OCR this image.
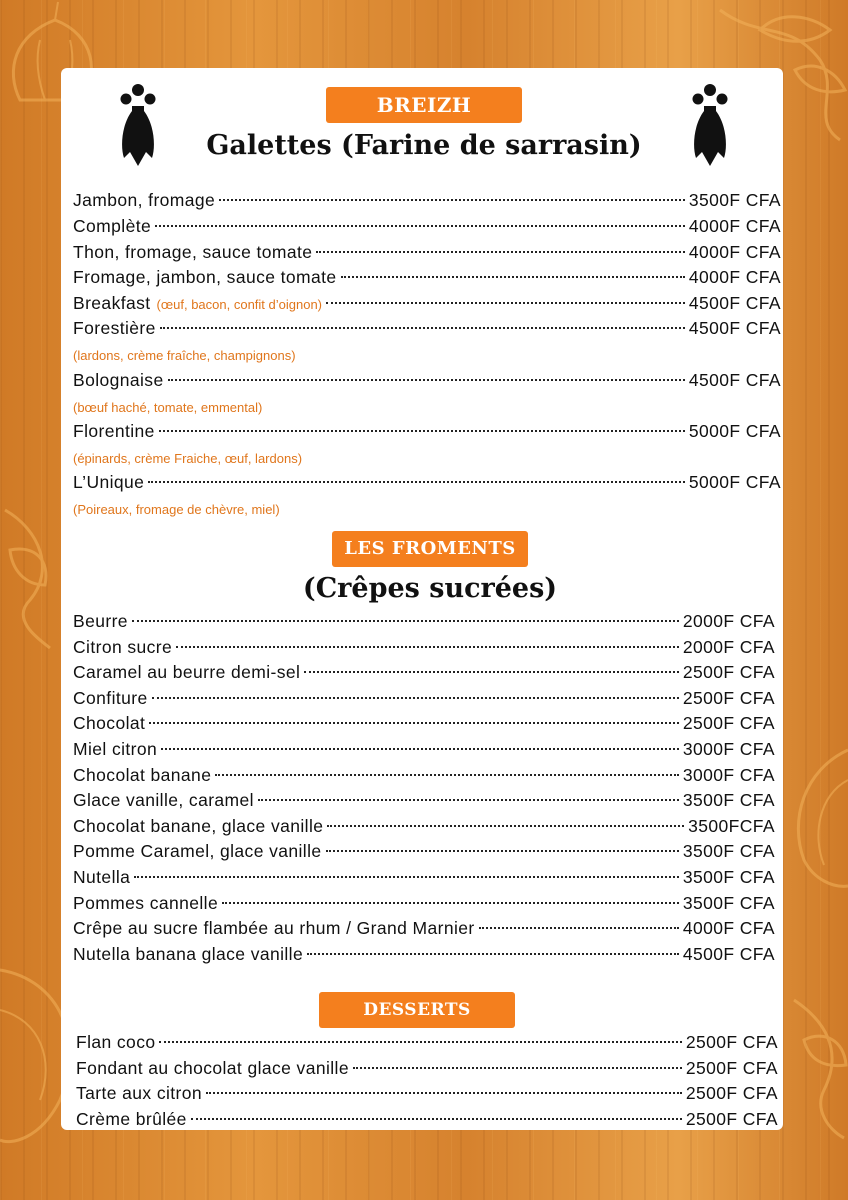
BREIZH
Galettes (Farine de sarrasin)
Jambon, fromage	3500F CFA
Complète	4000F CFA
Thon, fromage, sauce tomate	4000F CFA
Fromage, jambon, sauce tomate	4000F CFA
Breakfast (œuf, bacon, confit d’oignon)	4500F CFA
Forestière	4500F CFA
(lardons, crème fraîche, champignons)
Bolognaise	4500F CFA
(bœuf haché, tomate, emmental)
Florentine	5000F CFA
(épinards, crème Fraiche, œuf, lardons)
L’Unique	5000F CFA
(Poireaux, fromage de chèvre, miel)
LES FROMENTS
(Crêpes sucrées)
Beurre	2000F CFA
Citron sucre	2000F CFA
Caramel au beurre demi-sel	2500F CFA
Confiture	2500F CFA
Chocolat	2500F CFA
Miel citron	3000F CFA
Chocolat banane	3000F CFA
Glace vanille, caramel	3500F CFA
Chocolat banane, glace vanille	3500FCFA
Pomme Caramel, glace vanille	3500F CFA
Nutella	3500F CFA
Pommes cannelle	3500F CFA
Crêpe au sucre flambée au rhum / Grand Marnier	4000F CFA
Nutella banana glace vanille	4500F CFA
DESSERTS
Flan coco	2500F CFA
Fondant au chocolat glace vanille	2500F CFA
Tarte aux citron	2500F CFA
Crème brûlée	2500F CFA
